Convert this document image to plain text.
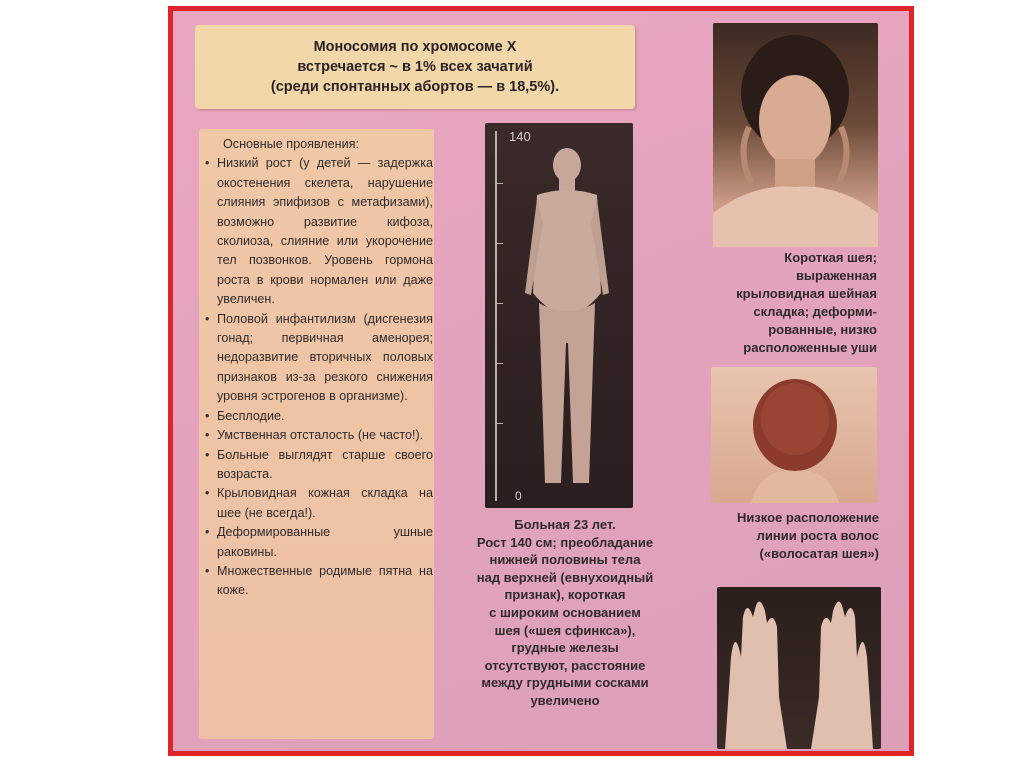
Моносомия по хромосоме X
встречается ~ в 1% всех зачатий
(среди спонтанных абортов — в 18,5%).
Основные проявления:
• Низкий рост (у детей — задержка окостенения скелета, нарушение слияния эпифизов с метафизами), возможно развитие кифоза, сколиоза, слияние или укорочение тел позвонков. Уровень гормона роста в крови нормален или даже увеличен.
• Половой инфантилизм (дисгенезия гонад; первичная аменорея; недоразвитие вторичных половых признаков из-за резкого снижения уровня эстрогенов в организме).
• Бесплодие.
• Умственная отсталость (не часто!).
• Больные выглядят старше своего возраста.
• Крыловидная кожная складка на шее (не всегда!).
• Деформированные ушные раковины.
• Множественные родимые пятна на коже.
140
0
Больная 23 лет.
Рост 140 см; преобладание
нижней половины тела
над верхней (евнухоидный
признак), короткая
с широким основанием
шея («шея сфинкса»),
грудные железы
отсутствуют, расстояние
между грудными сосками
увеличено
Короткая шея;
выраженная
крыловидная шейная
складка; деформи-
рованные, низко
расположенные уши
Низкое расположение
линии роста волос
(«волосатая шея»)
